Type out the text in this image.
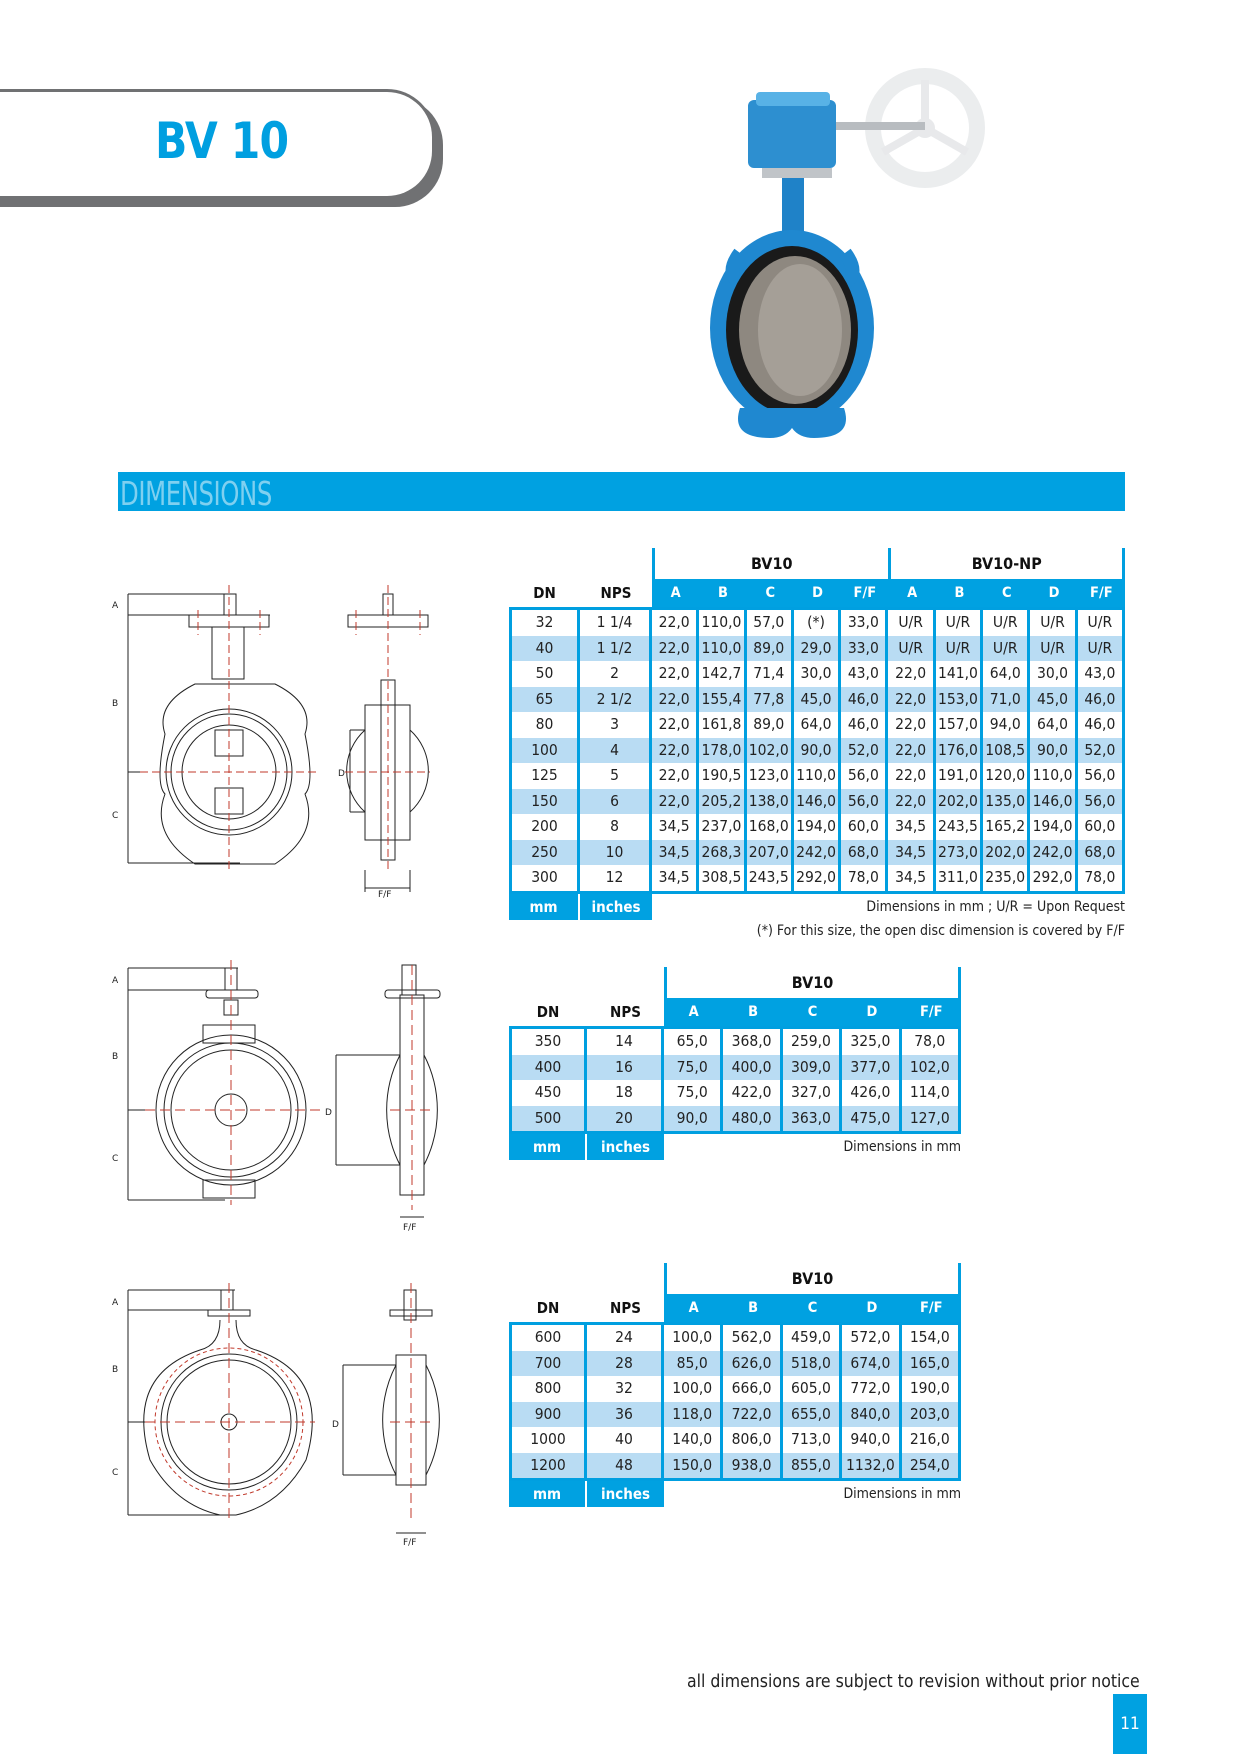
BV 10
DIMENSIONS
A
B
C
D
F/F
		BV10					BV10-NP				
DN	NPS	A	B	C	D	F/F	A	B	C	D	F/F
32	1 1/4	22,0	110,0	57,0	(*)	33,0	U/R	U/R	U/R	U/R	U/R
40	1 1/2	22,0	110,0	89,0	29,0	33,0	U/R	U/R	U/R	U/R	U/R
50	2	22,0	142,7	71,4	30,0	43,0	22,0	141,0	64,0	30,0	43,0
65	2 1/2	22,0	155,4	77,8	45,0	46,0	22,0	153,0	71,0	45,0	46,0
80	3	22,0	161,8	89,0	64,0	46,0	22,0	157,0	94,0	64,0	46,0
100	4	22,0	178,0	102,0	90,0	52,0	22,0	176,0	108,5	90,0	52,0
125	5	22,0	190,5	123,0	110,0	56,0	22,0	191,0	120,0	110,0	56,0
150	6	22,0	205,2	138,0	146,0	56,0	22,0	202,0	135,0	146,0	56,0
200	8	34,5	237,0	168,0	194,0	60,0	34,5	243,5	165,2	194,0	60,0
250	10	34,5	268,3	207,0	242,0	68,0	34,5	273,0	202,0	242,0	68,0
300	12	34,5	308,5	243,5	292,0	78,0	34,5	311,0	235,0	292,0	78,0
mm	inches	Dimensions in mm ; U/R = Upon Request									
(*) For this size, the open disc dimension is covered by F/F											
A
B
C
D
F/F
		BV10				
DN	NPS	A	B	C	D	F/F
350	14	65,0	368,0	259,0	325,0	78,0
400	16	75,0	400,0	309,0	377,0	102,0
450	18	75,0	422,0	327,0	426,0	114,0
500	20	90,0	480,0	363,0	475,0	127,0
mm	inches	Dimensions in mm				
A
B
C
D
F/F
		BV10				
DN	NPS	A	B	C	D	F/F
600	24	100,0	562,0	459,0	572,0	154,0
700	28	85,0	626,0	518,0	674,0	165,0
800	32	100,0	666,0	605,0	772,0	190,0
900	36	118,0	722,0	655,0	840,0	203,0
1000	40	140,0	806,0	713,0	940,0	216,0
1200	48	150,0	938,0	855,0	1132,0	254,0
mm	inches	Dimensions in mm				
all dimensions are subject to revision without prior notice
11
